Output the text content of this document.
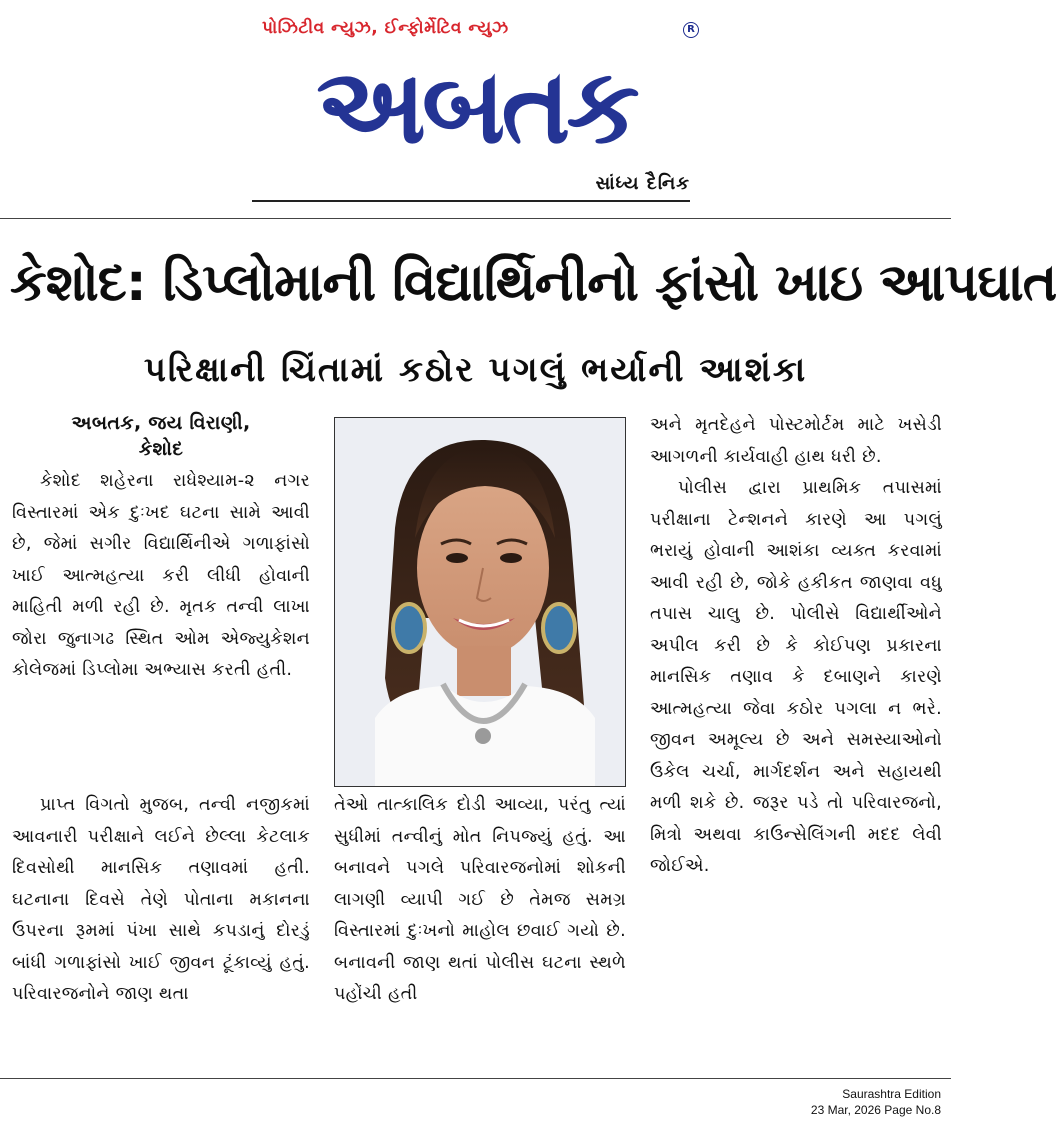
પોઝિટીવ ન્યુઝ, ઈન્ફોર્મેટિવ ન્યુઝ	R
અબતક
સાંધ્ય દૈનિક
કેશોદ: ડિપ્લોમાની વિદ્યાર્થિનીનો ફાંસો ખાઇ આપઘાત
પરિક્ષાની ચિંતામાં કઠોર પગલું ભર્યાની આશંકા
અબતક, જય વિરાણી,
કેશોદ

કેશોદ શહેરના રાધેશ્યામ-૨ નગર વિસ્તારમાં એક દુઃખદ ઘટના સામે આવી છે, જેમાં સગીર વિદ્યાર્થિનીએ ગળાફાંસો ખાઈ આત્મહત્યા કરી લીધી હોવાની માહિતી મળી રહી છે. મૃતક તન્વી લાખા જોરા જુનાગઢ સ્થિત ઓમ એજ્યુકેશન કોલેજમાં ડિપ્લોમા અભ્યાસ કરતી હતી.

પ્રાપ્ત વિગતો મુજબ, તન્વી નજીકમાં આવનારી પરીક્ષાને લઈને છેલ્લા કેટલાક દિવસોથી માનસિક તણાવમાં હતી. ઘટનાના દિવસે તેણે પોતાના મકાનના ઉપરના રૂમમાં પંખા સાથે કપડાનું દોરડું બાંધી ગળાફાંસો ખાઈ જીવન ટૂંકાવ્યું હતું. પરિવારજનોને જાણ થતા

તેઓ તાત્કાલિક દોડી આવ્યા, પરંતુ ત્યાં સુધીમાં તન્વીનું મોત નિપજ્યું હતું. આ બનાવને પગલે પરિવારજનોમાં શોકની લાગણી વ્યાપી ગઈ છે તેમજ સમગ્ર વિસ્તારમાં દુઃખનો માહોલ છવાઈ ગયો છે. બનાવની જાણ થતાં પોલીસ ઘટના સ્થળે પહોંચી હતી

અને મૃતદેહને પોસ્ટમોર્ટમ માટે ખસેડી આગળની કાર્યવાહી હાથ ધરી છે.

પોલીસ દ્વારા પ્રાથમિક તપાસમાં પરીક્ષાના ટેન્શનને કારણે આ પગલું ભરાયું હોવાની આશંકા વ્યક્ત કરવામાં આવી રહી છે, જોકે હકીકત જાણવા વધુ તપાસ ચાલુ છે. પોલીસે વિદ્યાર્થીઓને અપીલ કરી છે કે કોઈપણ પ્રકારના માનસિક તણાવ કે દબાણને કારણે આત્મહત્યા જેવા કઠોર પગલા ન ભરે. જીવન અમૂલ્ય છે અને સમસ્યાઓનો ઉકેલ ચર્ચા, માર્ગદર્શન અને સહાયથી મળી શકે છે. જરૂર પડે તો પરિવારજનો, મિત્રો અથવા કાઉન્સેલિંગની મદદ લેવી જોઈએ.

Saurashtra Edition
23 Mar, 2026 Page No.8
